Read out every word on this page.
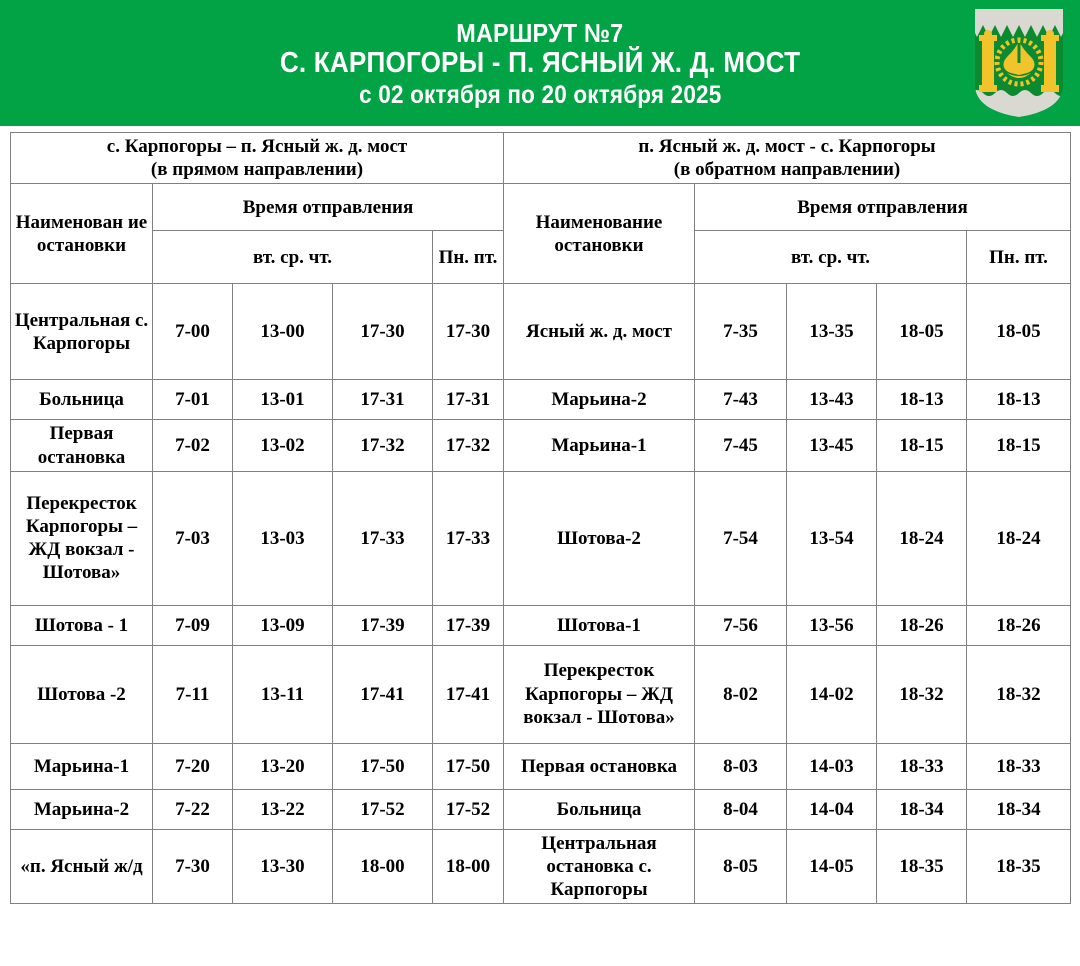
МАРШРУТ №7
С. КАРПОГОРЫ - П. ЯСНЫЙ Ж. Д. МОСТ
с 02 октября по 20 октября 2025
с. Карпогоры – п. Ясный ж. д. мост
(в прямом направлении)					п. Ясный ж. д. мост - с. Карпогоры
(в обратном направлении)				
Наименован ие остановки	Время отправления				Наименование остановки	Время отправления			
	вт. ср. чт.			Пн. пт.		вт. ср. чт.			Пн. пт.
Центральная с. Карпогоры	7-00	13-00	17-30	17-30	Ясный ж. д. мост	7-35	13-35	18-05	18-05
Больница	7-01	13-01	17-31	17-31	Марьина-2	7-43	13-43	18-13	18-13
Первая остановка	7-02	13-02	17-32	17-32	Марьина-1	7-45	13-45	18-15	18-15
Перекресток Карпогоры – ЖД вокзал - Шотова»	7-03	13-03	17-33	17-33	Шотова-2	7-54	13-54	18-24	18-24
Шотова - 1	7-09	13-09	17-39	17-39	Шотова-1	7-56	13-56	18-26	18-26
Шотова -2	7-11	13-11	17-41	17-41	Перекрестoк Карпогоры – ЖД вокзал - Шотова»	8-02	14-02	18-32	18-32
Марьина-1	7-20	13-20	17-50	17-50	Первая остановка	8-03	14-03	18-33	18-33
Марьина-2	7-22	13-22	17-52	17-52	Больница	8-04	14-04	18-34	18-34
«п. Ясный ж/д	7-30	13-30	18-00	18-00	Центральная остановка с. Карпогоры	8-05	14-05	18-35	18-35
